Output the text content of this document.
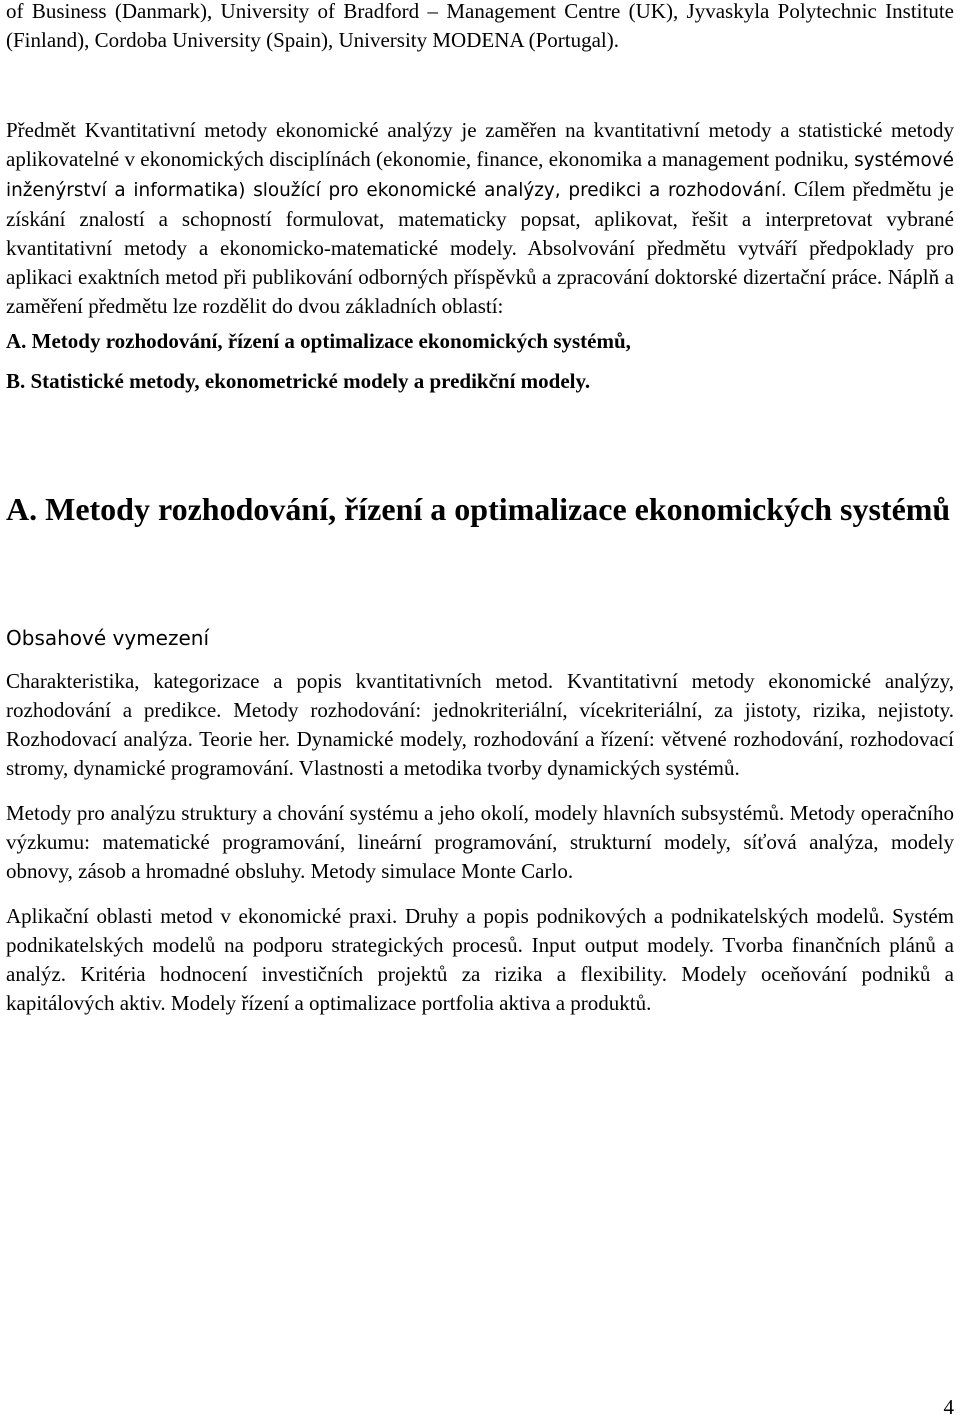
of Business (Danmark), University of Bradford – Management Centre (UK), Jyvaskyla Polytechnic Institute (Finland), Cordoba University (Spain), University MODENA (Portugal).

Předmět Kvantitativní metody ekonomické analýzy je zaměřen na kvantitativní metody a statistické metody aplikovatelné v ekonomických disciplínách (ekonomie, finance, ekonomika a management podniku, systémové inženýrství a informatika) sloužící pro ekonomické analýzy, predikci a rozhodování. Cílem předmětu je získání znalostí a schopností formulovat, matematicky popsat, aplikovat, řešit a interpretovat vybrané kvantitativní metody a ekonomicko-matematické modely. Absolvování předmětu vytváří předpoklady pro aplikaci exaktních metod při publikování odborných příspěvků a zpracování doktorské dizertační práce. Náplň a zaměření předmětu lze rozdělit do dvou základních oblastí:

A. Metody rozhodování, řízení a optimalizace ekonomických systémů,
B. Statistické metody, ekonometrické modely a predikční modely.
A. Metody rozhodování, řízení a optimalizace ekonomických systémů
Obsahové vymezení

Charakteristika, kategorizace a popis kvantitativních metod. Kvantitativní metody ekonomické analýzy, rozhodování a predikce. Metody rozhodování: jednokriteriální, vícekriteriální, za jistoty, rizika, nejistoty. Rozhodovací analýza. Teorie her. Dynamické modely, rozhodování a řízení: větvené rozhodování, rozhodovací stromy, dynamické programování. Vlastnosti a metodika tvorby dynamických systémů.

Metody pro analýzu struktury a chování systému a jeho okolí, modely hlavních subsystémů. Metody operačního výzkumu: matematické programování, lineární programování, strukturní modely, síťová analýza, modely obnovy, zásob a hromadné obsluhy. Metody simulace Monte Carlo.

Aplikační oblasti metod v ekonomické praxi. Druhy a popis podnikových a podnikatelských modelů. Systém podnikatelských modelů na podporu strategických procesů. Input output modely. Tvorba finančních plánů a analýz. Kritéria hodnocení investičních projektů za rizika a flexibility. Modely oceňování podniků a kapitálových aktiv. Modely řízení a optimalizace portfolia aktiva a produktů.

4
